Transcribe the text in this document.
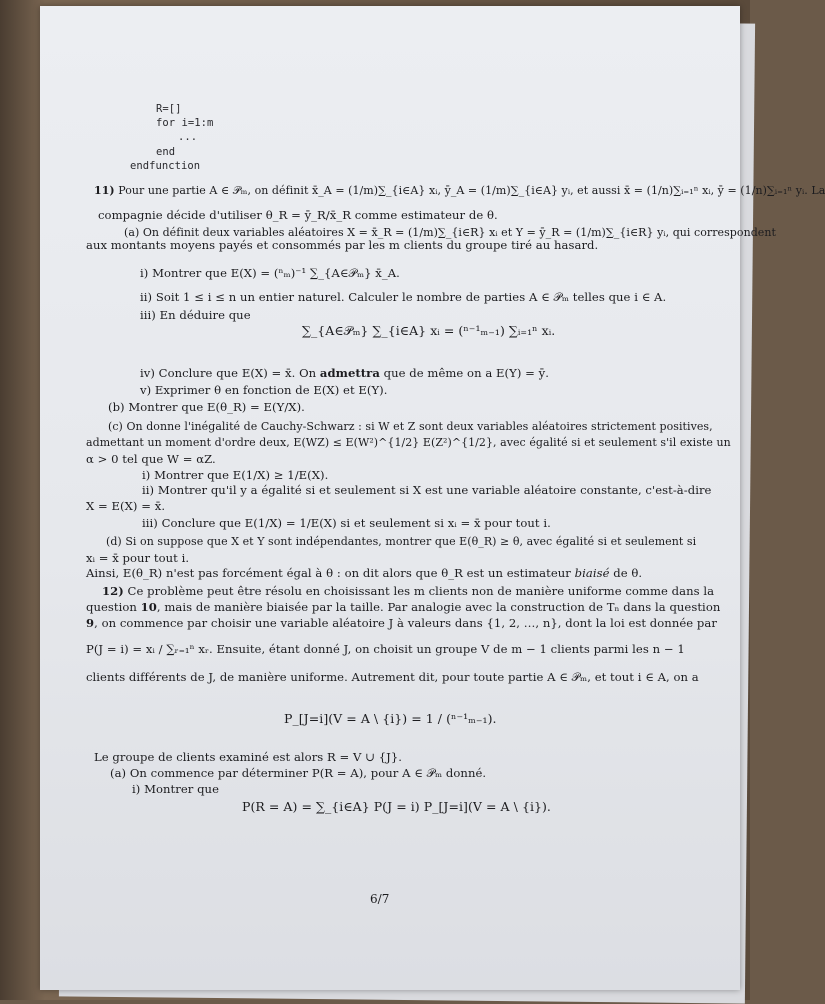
R=[]
for i=1:m
...
end
endfunction
11) Pour une partie A ∈ 𝒫ₘ, on définit x̄_A = (1/m)∑_{i∈A} xᵢ, ȳ_A = (1/m)∑_{i∈A} yᵢ, et aussi x̄ = (1/n)∑ᵢ₌₁ⁿ xᵢ, ȳ = (1/n)∑ᵢ₌₁ⁿ yᵢ. La
compagnie décide d'utiliser θ_R = ȳ_R/x̄_R comme estimateur de θ.
(a) On définit deux variables aléatoires X = x̄_R = (1/m)∑_{i∈R} xᵢ et Y = ȳ_R = (1/m)∑_{i∈R} yᵢ, qui correspondent
aux montants moyens payés et consommés par les m clients du groupe tiré au hasard.
i) Montrer que E(X) = (ⁿₘ)⁻¹ ∑_{A∈𝒫ₘ} x̄_A.
ii) Soit 1 ≤ i ≤ n un entier naturel. Calculer le nombre de parties A ∈ 𝒫ₘ telles que i ∈ A.
iii) En déduire que
∑_{A∈𝒫ₘ} ∑_{i∈A} xᵢ = (ⁿ⁻¹ₘ₋₁) ∑ᵢ₌₁ⁿ xᵢ.
iv) Conclure que E(X) = x̄. On admettra que de même on a E(Y) = ȳ.
v) Exprimer θ en fonction de E(X) et E(Y).
(b) Montrer que E(θ_R) = E(Y/X).
(c) On donne l'inégalité de Cauchy-Schwarz : si W et Z sont deux variables aléatoires strictement positives,
admettant un moment d'ordre deux, E(WZ) ≤ E(W²)^{1/2} E(Z²)^{1/2}, avec égalité si et seulement s'il existe un
α > 0 tel que W = αZ.
i) Montrer que E(1/X) ≥ 1/E(X).
ii) Montrer qu'il y a égalité si et seulement si X est une variable aléatoire constante, c'est-à-dire
X = E(X) = x̄.
iii) Conclure que E(1/X) = 1/E(X) si et seulement si xᵢ = x̄ pour tout i.
(d) Si on suppose que X et Y sont indépendantes, montrer que E(θ_R) ≥ θ, avec égalité si et seulement si
xᵢ = x̄ pour tout i.
Ainsi, E(θ_R) n'est pas forcément égal à θ : on dit alors que θ_R est un estimateur biaisé de θ.
12) Ce problème peut être résolu en choisissant les m clients non de manière uniforme comme dans la
question 10, mais de manière biaisée par la taille. Par analogie avec la construction de Tₙ dans la question
9, on commence par choisir une variable aléatoire J à valeurs dans {1, 2, …, n}, dont la loi est donnée par
P(J = i) = xᵢ / ∑ᵣ₌₁ⁿ xᵣ. Ensuite, étant donné J, on choisit un groupe V de m − 1 clients parmi les n − 1
clients différents de J, de manière uniforme. Autrement dit, pour toute partie A ∈ 𝒫ₘ, et tout i ∈ A, on a
P_[J=i](V = A \ {i}) = 1 / (ⁿ⁻¹ₘ₋₁).
Le groupe de clients examiné est alors R = V ∪ {J}.
(a) On commence par déterminer P(R = A), pour A ∈ 𝒫ₘ donné.
i) Montrer que
P(R = A) = ∑_{i∈A} P(J = i) P_[J=i](V = A \ {i}).
6/7
